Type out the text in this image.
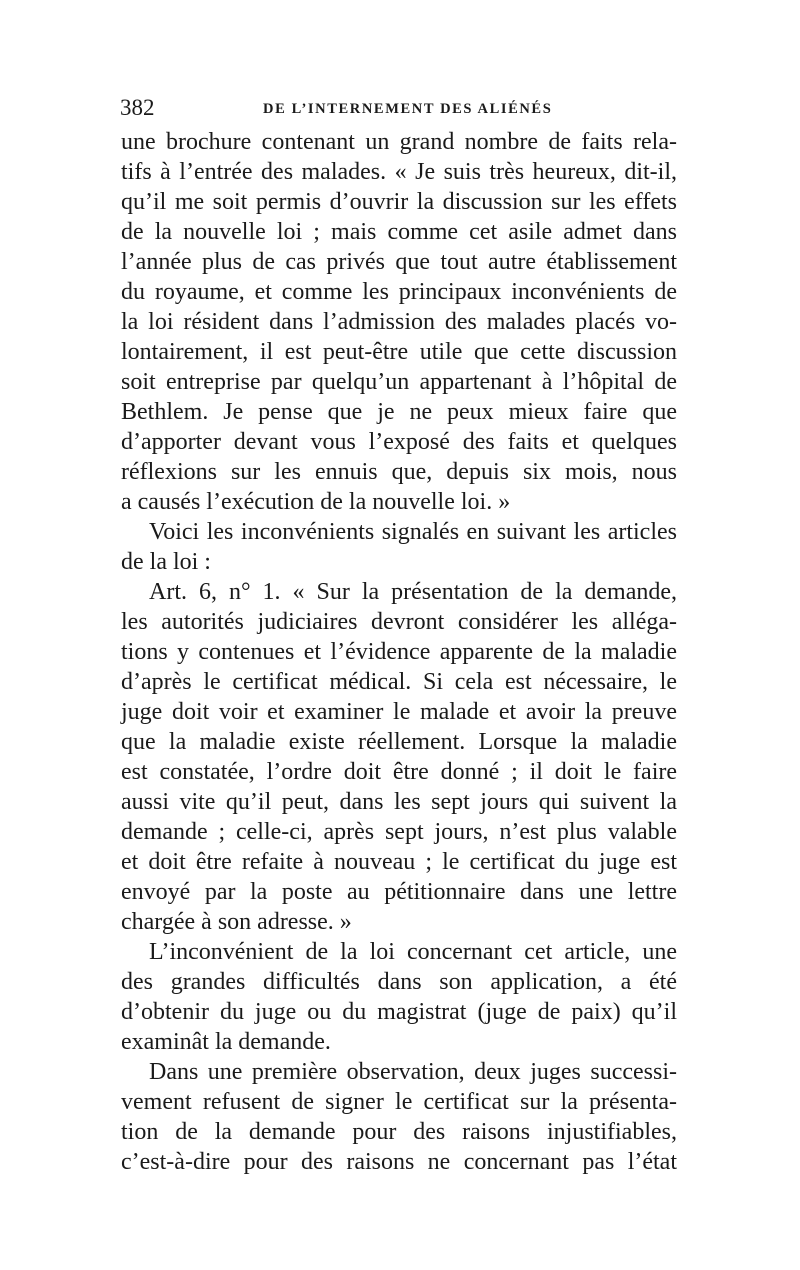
382	DE L’INTERNEMENT DES ALIÉNÉS
une brochure contenant un grand nombre de faits rela-
tifs à l’entrée des malades. « Je suis très heureux, dit-il,
qu’il me soit permis d’ouvrir la discussion sur les effets
de la nouvelle loi ; mais comme cet asile admet dans
l’année plus de cas privés que tout autre établissement
du royaume, et comme les principaux inconvénients de
la loi résident dans l’admission des malades placés vo-
lontairement, il est peut-être utile que cette discussion
soit entreprise par quelqu’un appartenant à l’hôpital de
Bethlem. Je pense que je ne peux mieux faire que
d’apporter devant vous l’exposé des faits et quelques
réflexions sur les ennuis que, depuis six mois, nous
a causés l’exécution de la nouvelle loi. »
Voici les inconvénients signalés en suivant les articles
de la loi :
Art. 6, n° 1. « Sur la présentation de la demande,
les autorités judiciaires devront considérer les alléga-
tions y contenues et l’évidence apparente de la maladie
d’après le certificat médical. Si cela est nécessaire, le
juge doit voir et examiner le malade et avoir la preuve
que la maladie existe réellement. Lorsque la maladie
est constatée, l’ordre doit être donné ; il doit le faire
aussi vite qu’il peut, dans les sept jours qui suivent la
demande ; celle-ci, après sept jours, n’est plus valable
et doit être refaite à nouveau ; le certificat du juge est
envoyé par la poste au pétitionnaire dans une lettre
chargée à son adresse. »
L’inconvénient de la loi concernant cet article, une
des grandes difficultés dans son application, a été
d’obtenir du juge ou du magistrat (juge de paix) qu’il
examinât la demande.
Dans une première observation, deux juges successi-
vement refusent de signer le certificat sur la présenta-
tion de la demande pour des raisons injustifiables,
c’est-à-dire pour des raisons ne concernant pas l’état
